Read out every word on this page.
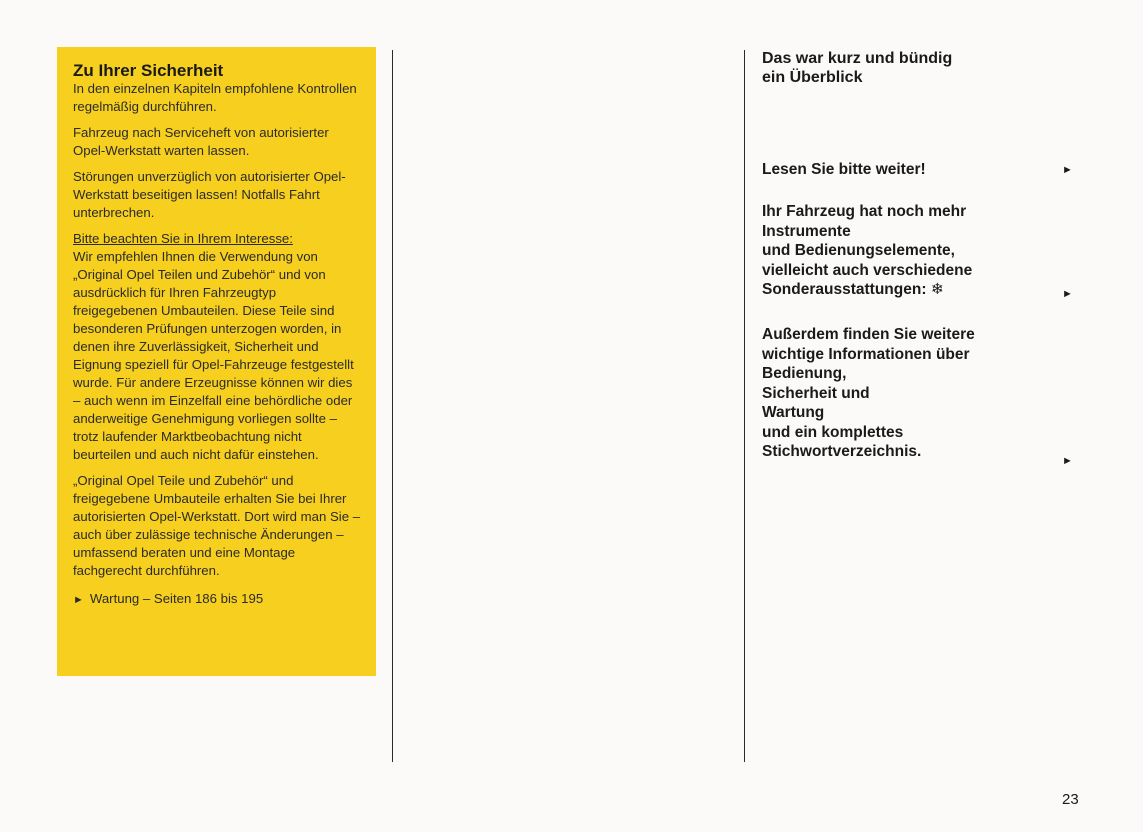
Zu Ihrer Sicherheit

In den einzelnen Kapiteln empfohlene Kontrollen regelmäßig durchführen.

Fahrzeug nach Serviceheft von autorisierter Opel-Werkstatt warten lassen.

Störungen unverzüglich von autorisierter Opel-Werkstatt beseitigen lassen! Notfalls Fahrt unterbrechen.

Bitte beachten Sie in Ihrem Interesse:
Wir empfehlen Ihnen die Verwendung von „Original Opel Teilen und Zubehör“ und von ausdrücklich für Ihren Fahrzeugtyp freigegebenen Umbauteilen. Diese Teile sind besonderen Prüfungen unterzogen worden, in denen ihre Zuverlässigkeit, Sicherheit und Eignung speziell für Opel-Fahrzeuge festgestellt wurde. Für andere Erzeugnisse können wir dies – auch wenn im Einzelfall eine behördliche oder anderweitige Genehmigung vorliegen sollte – trotz laufender Marktbeobachtung nicht beurteilen und auch nicht dafür einstehen.

„Original Opel Teile und Zubehör“ und freigegebene Umbauteile erhalten Sie bei Ihrer autorisierten Opel-Werkstatt. Dort wird man Sie – auch über zulässige technische Änderungen – umfassend beraten und eine Montage fachgerecht durchführen.

► Wartung – Seiten 186 bis 195
Das war kurz und bündig
ein Überblick
Lesen Sie bitte weiter!
Ihr Fahrzeug hat noch mehr
Instrumente
und Bedienungselemente,
vielleicht auch verschiedene
Sonderausstattungen: ❄
Außerdem finden Sie weitere
wichtige Informationen über
Bedienung,
Sicherheit und
Wartung
und ein komplettes
Stichwortverzeichnis.
►
►
►
23
